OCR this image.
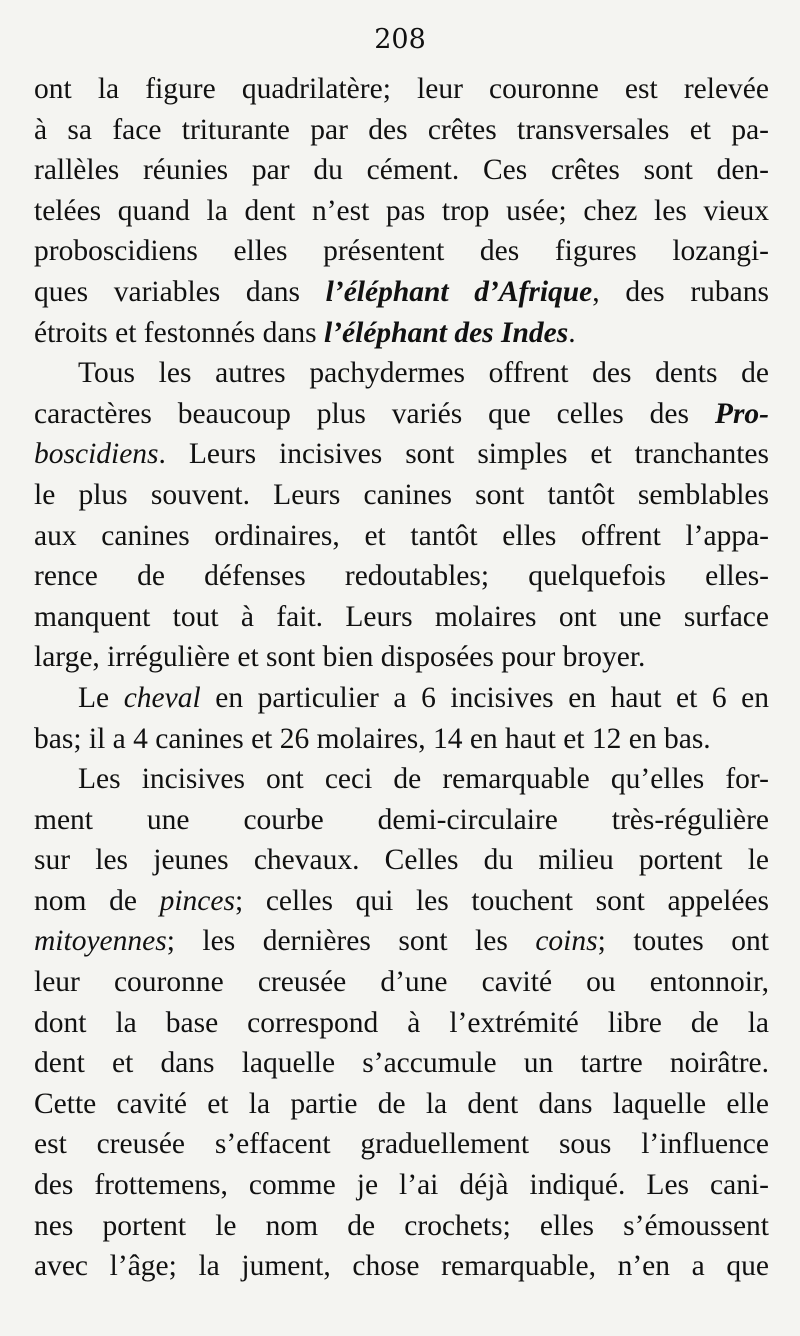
208
ont la figure quadrilatère; leur couronne est relevée
à sa face triturante par des crêtes transversales et pa-
rallèles réunies par du cément. Ces crêtes sont den-
telées quand la dent n’est pas trop usée; chez les vieux
proboscidiens elles présentent des figures lozangi-
ques variables dans l’éléphant d’Afrique, des rubans
étroits et festonnés dans l’éléphant des Indes.
Tous les autres pachydermes offrent des dents de
caractères beaucoup plus variés que celles des Pro-
boscidiens. Leurs incisives sont simples et tranchantes
le plus souvent. Leurs canines sont tantôt semblables
aux canines ordinaires, et tantôt elles offrent l’appa-
rence de défenses redoutables; quelquefois elles-
manquent tout à fait. Leurs molaires ont une surface
large, irrégulière et sont bien disposées pour broyer.
Le cheval en particulier a 6 incisives en haut et 6 en
bas; il a 4 canines et 26 molaires, 14 en haut et 12 en bas.
Les incisives ont ceci de remarquable qu’elles for-
ment une courbe demi-circulaire très-régulière
sur les jeunes chevaux. Celles du milieu portent le
nom de pinces; celles qui les touchent sont appelées
mitoyennes; les dernières sont les coins; toutes ont
leur couronne creusée d’une cavité ou entonnoir,
dont la base correspond à l’extrémité libre de la
dent et dans laquelle s’accumule un tartre noirâtre.
Cette cavité et la partie de la dent dans laquelle elle
est creusée s’effacent graduellement sous l’influence
des frottemens, comme je l’ai déjà indiqué. Les cani-
nes portent le nom de crochets; elles s’émoussent
avec l’âge; la jument, chose remarquable, n’en a que
